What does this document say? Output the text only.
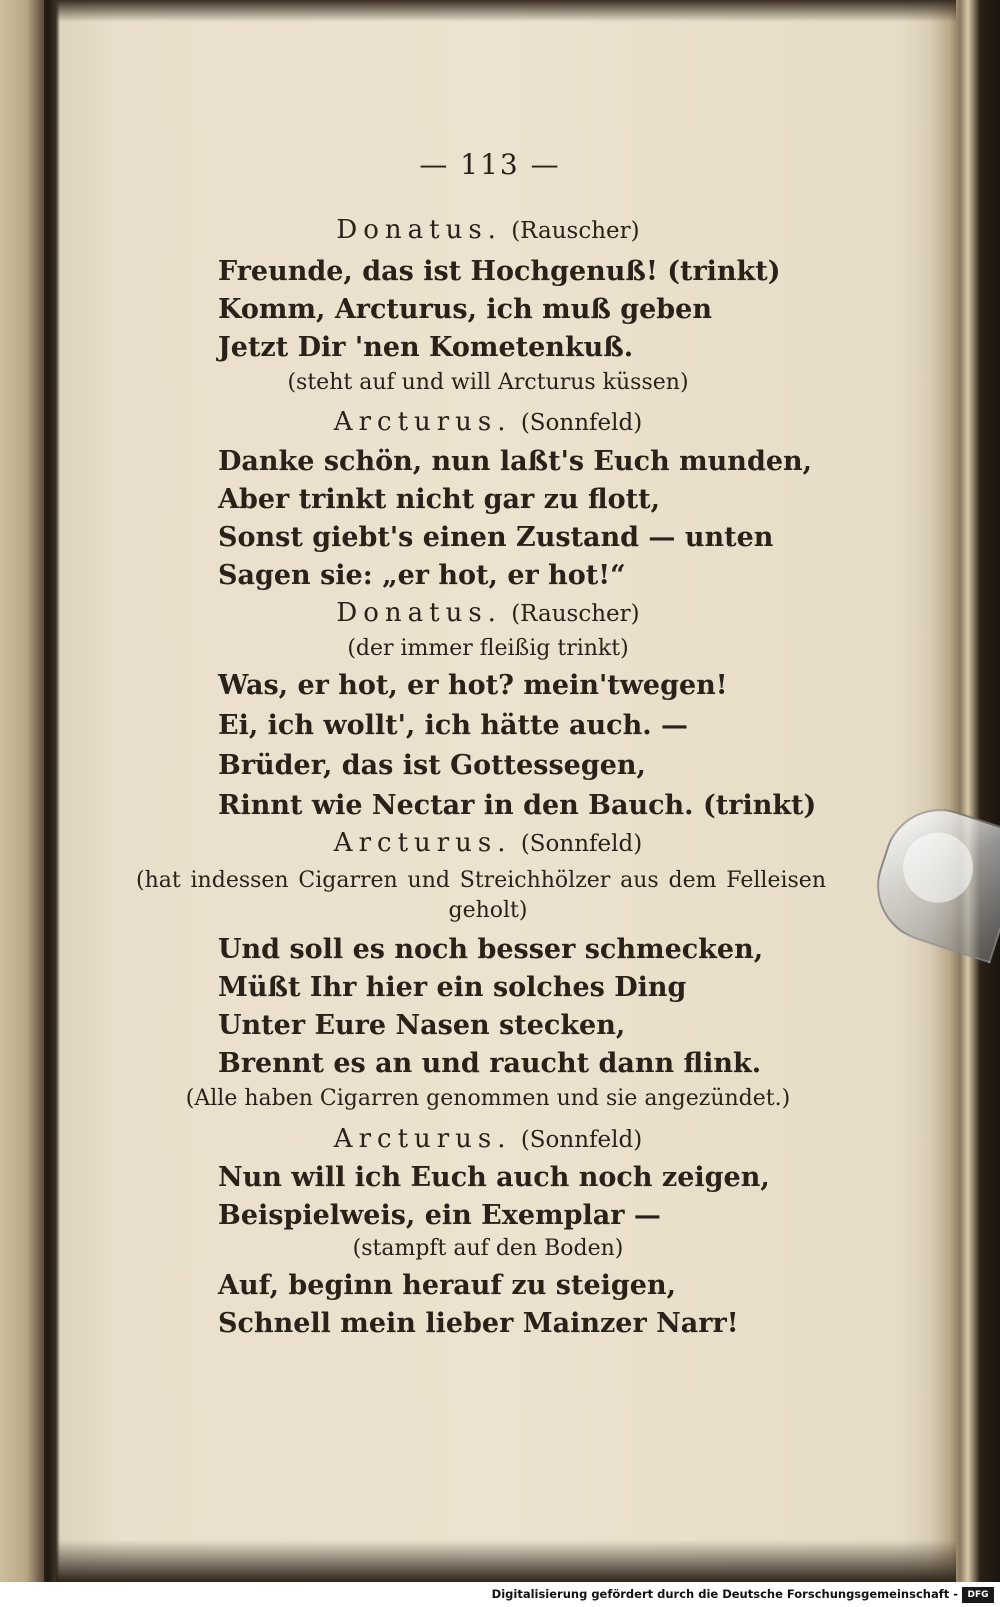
— 113 —
Donatus. (Rauscher)
Freunde, das ist Hochgenuß! (trinkt)
Komm, Arcturus, ich muß geben
Jetzt Dir 'nen Kometenkuß.
(steht auf und will Arcturus küssen)
Arcturus. (Sonnfeld)
Danke schön, nun laßt's Euch munden,
Aber trinkt nicht gar zu flott,
Sonst giebt's einen Zustand — unten
Sagen sie: „er hot, er hot!“
Donatus. (Rauscher)
(der immer fleißig trinkt)
Was, er hot, er hot? mein'twegen!
Ei, ich wollt', ich hätte auch. —
Brüder, das ist Gottessegen,
Rinnt wie Nectar in den Bauch. (trinkt)
Arcturus. (Sonnfeld)
(hat indessen Cigarren und Streichhölzer aus dem Felleisen
geholt)
Und soll es noch besser schmecken,
Müßt Ihr hier ein solches Ding
Unter Eure Nasen stecken,
Brennt es an und raucht dann flink.
(Alle haben Cigarren genommen und sie angezündet.)
Arcturus. (Sonnfeld)
Nun will ich Euch auch noch zeigen,
Beispielweis, ein Exemplar —
(stampft auf den Boden)
Auf, beginn herauf zu steigen,
Schnell mein lieber Mainzer Narr!
Digitalisierung gefördert durch die Deutsche Forschungsgemeinschaft -	DFG
